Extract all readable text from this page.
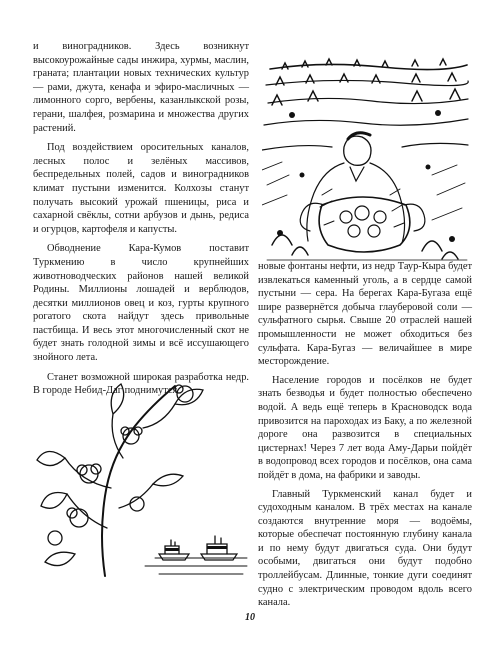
и виноградников. Здесь возникнут высокоурожайные сады инжира, хурмы, маслин, граната; плантации новых технических культур — рами, джута, кенафа и эфиро-масличных — лимонного сорго, вербены, казанлыкской розы, герани, шалфея, розмарина и множества других растений.

Под воздействием оросительных каналов, лесных полос и зелёных массивов, беспредельных полей, садов и виноградников климат пустыни изменится. Колхозы станут получать высокий урожай пшеницы, риса и сахарной свёклы, сотни арбузов и дынь, редиса и огурцов, картофеля и капусты.

Обводнение Кара-Кумов поставит Туркмению в число крупнейших животноводческих районов нашей великой Родины. Миллионы лошадей и верблюдов, десятки миллионов овец и коз, гурты крупного рогатого скота найдут здесь привольные пастбища. И весь этот многочисленный скот не будет знать голодной зимы и всё иссушающего знойного лета.

Станет возможной широкая разработка недр. В городе Небид-Даг поднимутся

новые фонтаны нефти, из недр Таур-Кыра будет извлекаться каменный уголь, а в сердце самой пустыни — сера. На берегах Кара-Бугаза ещё шире развернётся добыча глауберовой соли — сульфатного сырья. Свыше 20 отраслей нашей промышленности не может обходиться без сульфата. Кара-Бугаз — величайшее в мире месторождение.

Население городов и посёлков не будет знать безводья и будет полностью обеспечено водой. А ведь ещё теперь в Красноводск вода привозится на пароходах из Баку, а по железной дороге она развозится в специальных цистернах! Через 7 лет вода Аму-Дарьи пойдёт в водопровод всех городов и посёлков, она сама пойдёт в дома, на фабрики и заводы.

Главный Туркменский канал будет и судоходным каналом. В трёх местах на канале создаются внутренние моря — водоёмы, которые обеспечат постоянную глубину канала и по нему будут двигаться суда. Они будут особыми, двигаться они будут подобно троллейбусам. Длинные, тонкие дуги соединят судно с электрическим проводом вдоль всего канала.

10
